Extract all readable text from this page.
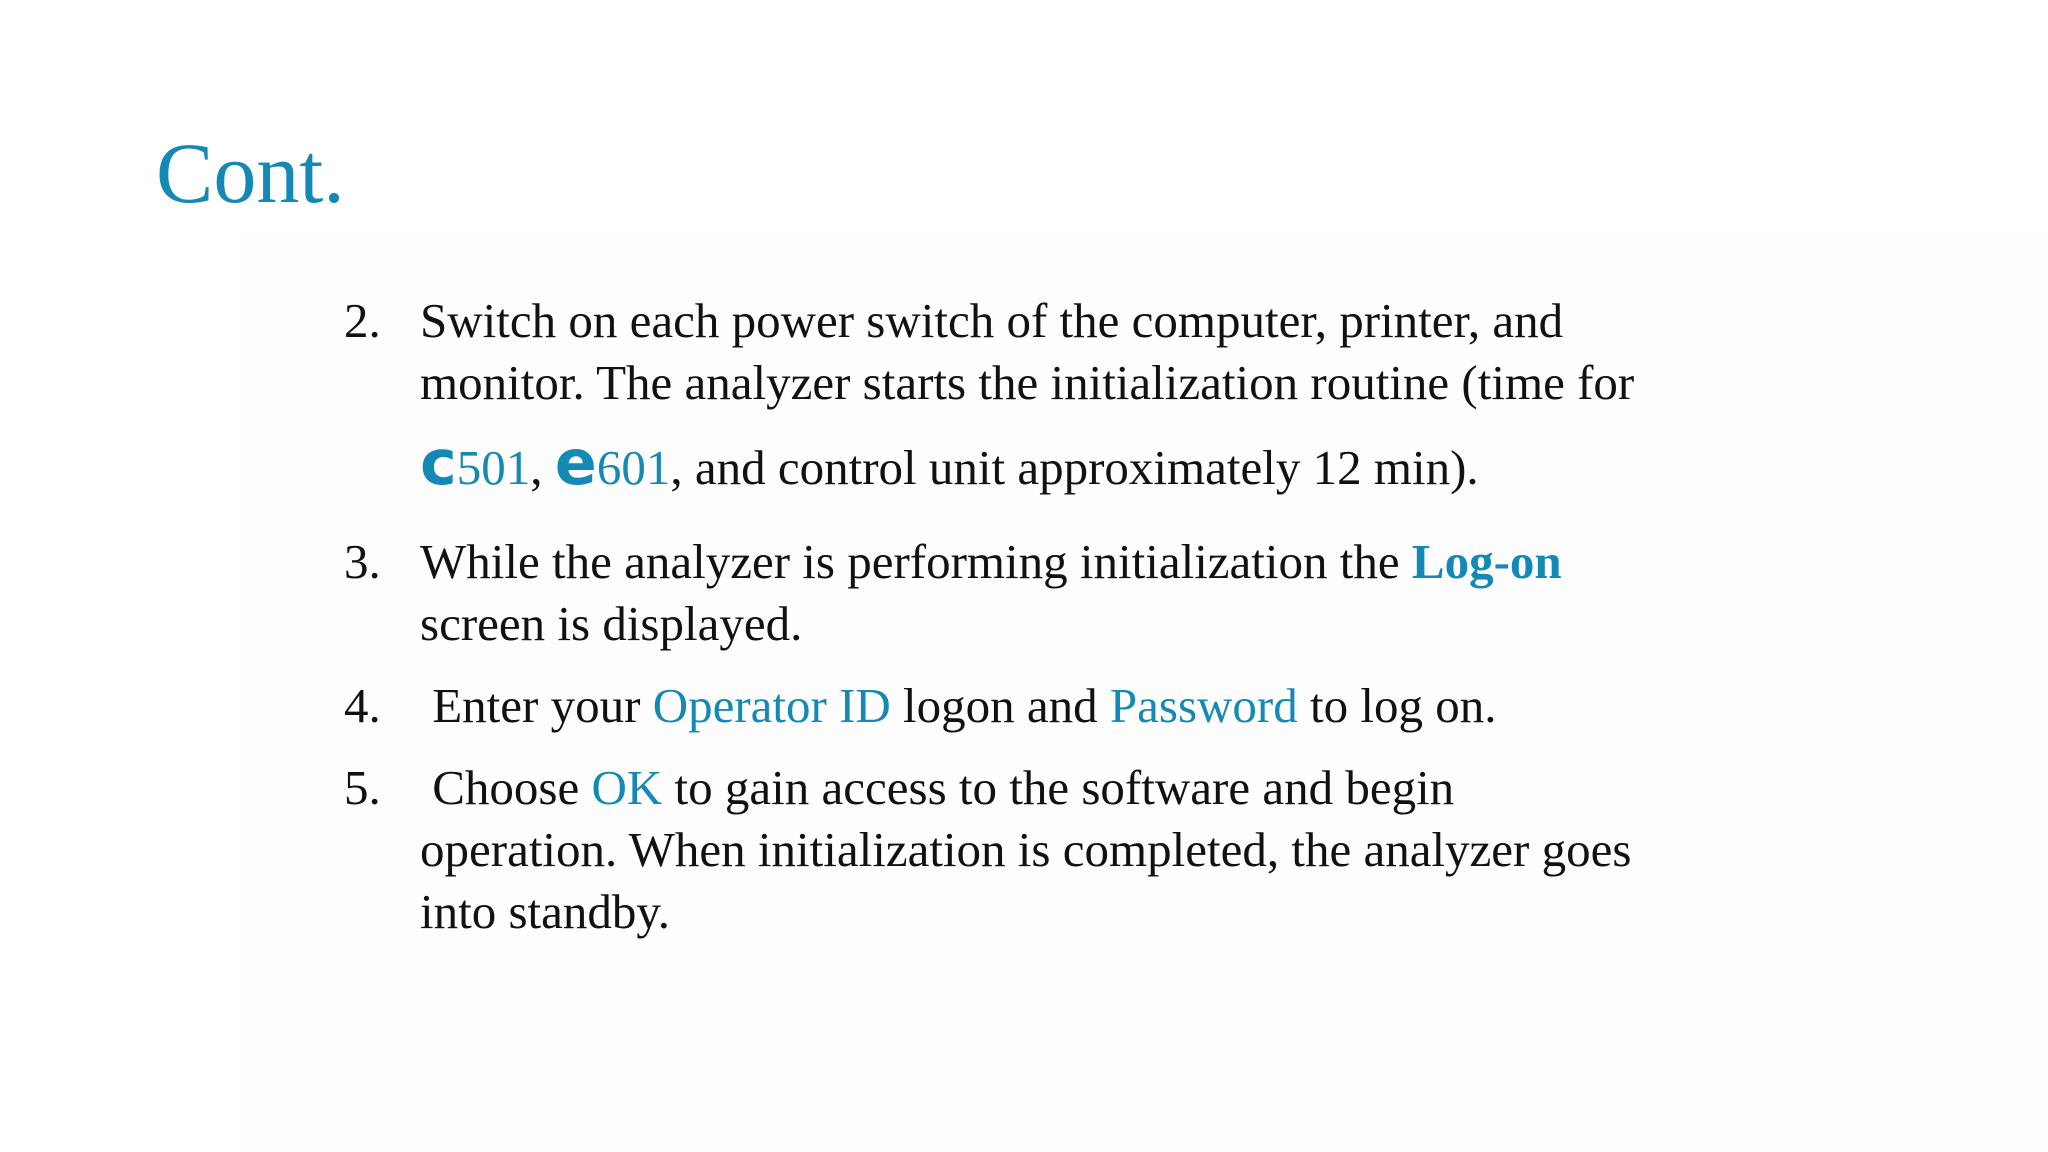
Cont.
2. Switch on each power switch of the computer, printer, and
monitor. The analyzer starts the initialization routine (time for
c501, e601, and control unit approximately 12 min).
3. While the analyzer is performing initialization the Log-on
screen is displayed.
4. Enter your Operator ID logon and Password to log on.
5. Choose OK to gain access to the software and begin
operation. When initialization is completed, the analyzer goes
into standby.
